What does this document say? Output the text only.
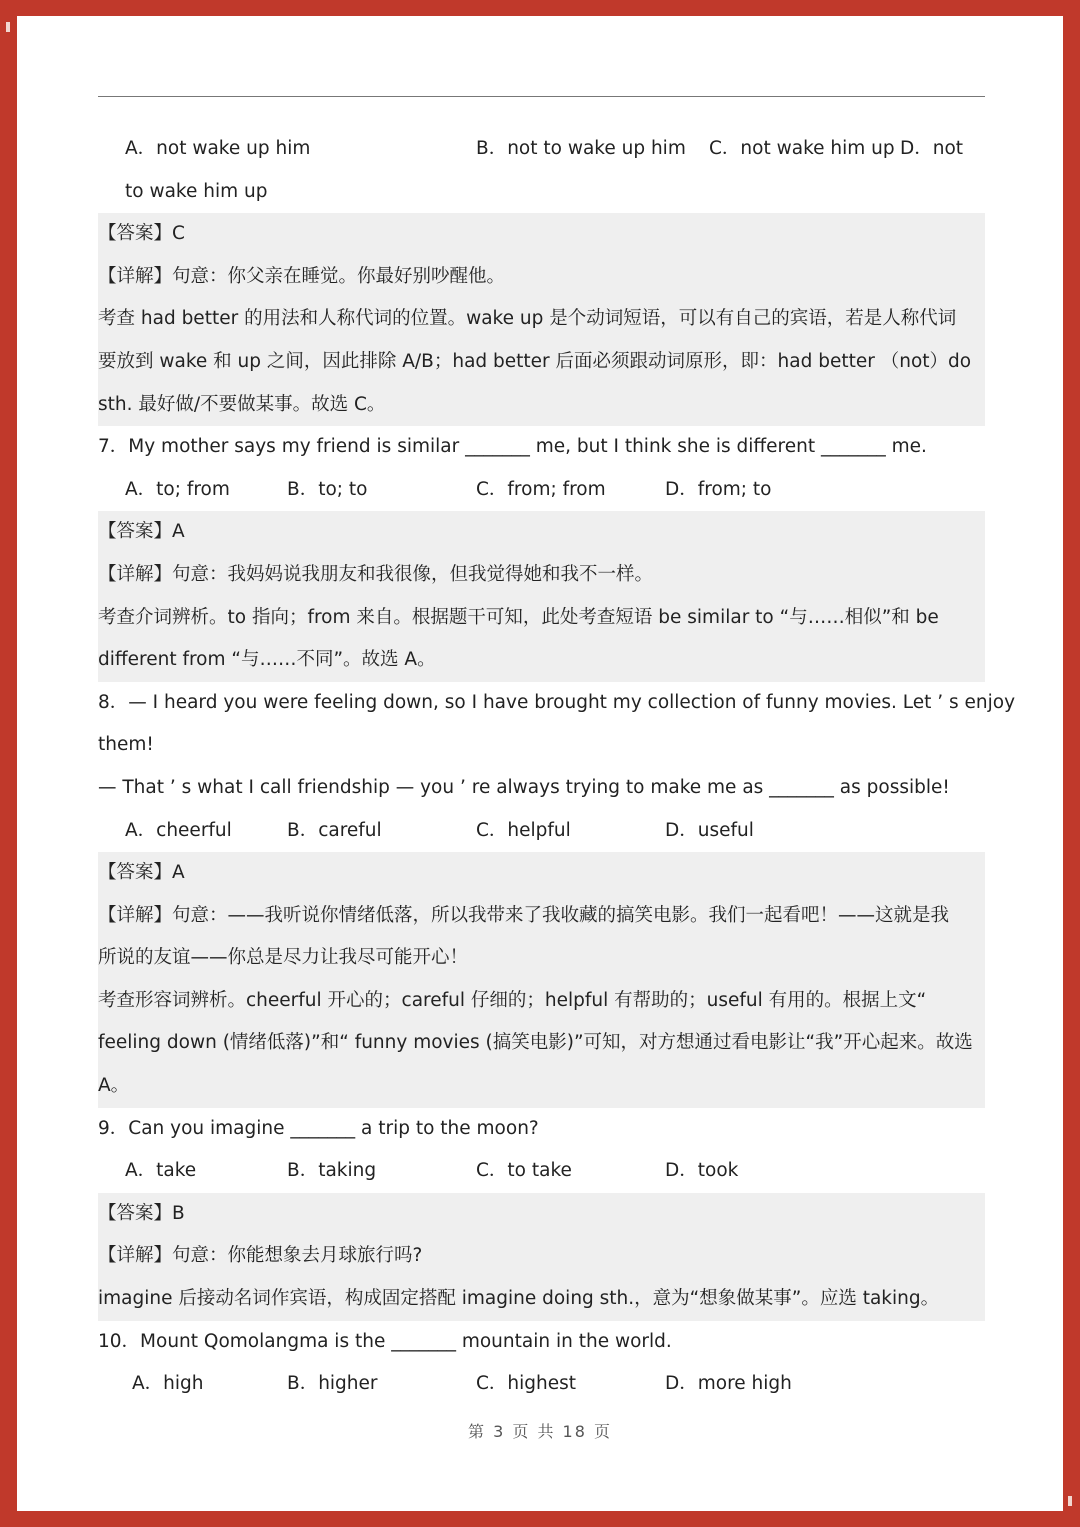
A．not wake up him	B．not to wake up him C．not wake him up D．not
to wake him up
【答案】C
【详解】句意：你父亲在睡觉。你最好别吵醒他。
考查 had better 的用法和人称代词的位置。wake up 是个动词短语，可以有自己的宾语，若是人称代词
要放到 wake 和 up 之间，因此排除 A/B；had better 后面必须跟动词原形，即：had better （not）do
sth. 最好做/不要做某事。故选 C。
7．My mother says my friend is similar _______ me, but I think she is different _______ me.
A．to; from	B．to; to	C．from; from	D．from; to
【答案】A
【详解】句意：我妈妈说我朋友和我很像，但我觉得她和我不一样。
考查介词辨析。to 指向；from 来自。根据题干可知，此处考查短语 be similar to “与……相似”和 be
different from “与……不同”。故选 A。
8．— I heard you were feeling down, so I have brought my collection of funny movies. Let ’ s enjoy
them!
— That ’ s what I call friendship — you ’ re always trying to make me as _______ as possible!
A．cheerful	B．careful	C．helpful	D．useful
【答案】A
【详解】句意：——我听说你情绪低落，所以我带来了我收藏的搞笑电影。我们一起看吧！——这就是我
所说的友谊——你总是尽力让我尽可能开心！
考查形容词辨析。cheerful 开心的；careful 仔细的；helpful 有帮助的；useful 有用的。根据上文“
feeling down (情绪低落)”和“ funny movies (搞笑电影)”可知，对方想通过看电影让“我”开心起来。故选
A。
9．Can you imagine _______ a trip to the moon?
A．take	B．taking	C．to take	D．took
【答案】B
【详解】句意：你能想象去月球旅行吗?
imagine 后接动名词作宾语，构成固定搭配 imagine doing sth.，意为“想象做某事”。应选 taking。
10．Mount Qomolangma is the _______ mountain in the world.
A．high	B．higher	C．highest	D．more high
第 3 页 共 18 页
